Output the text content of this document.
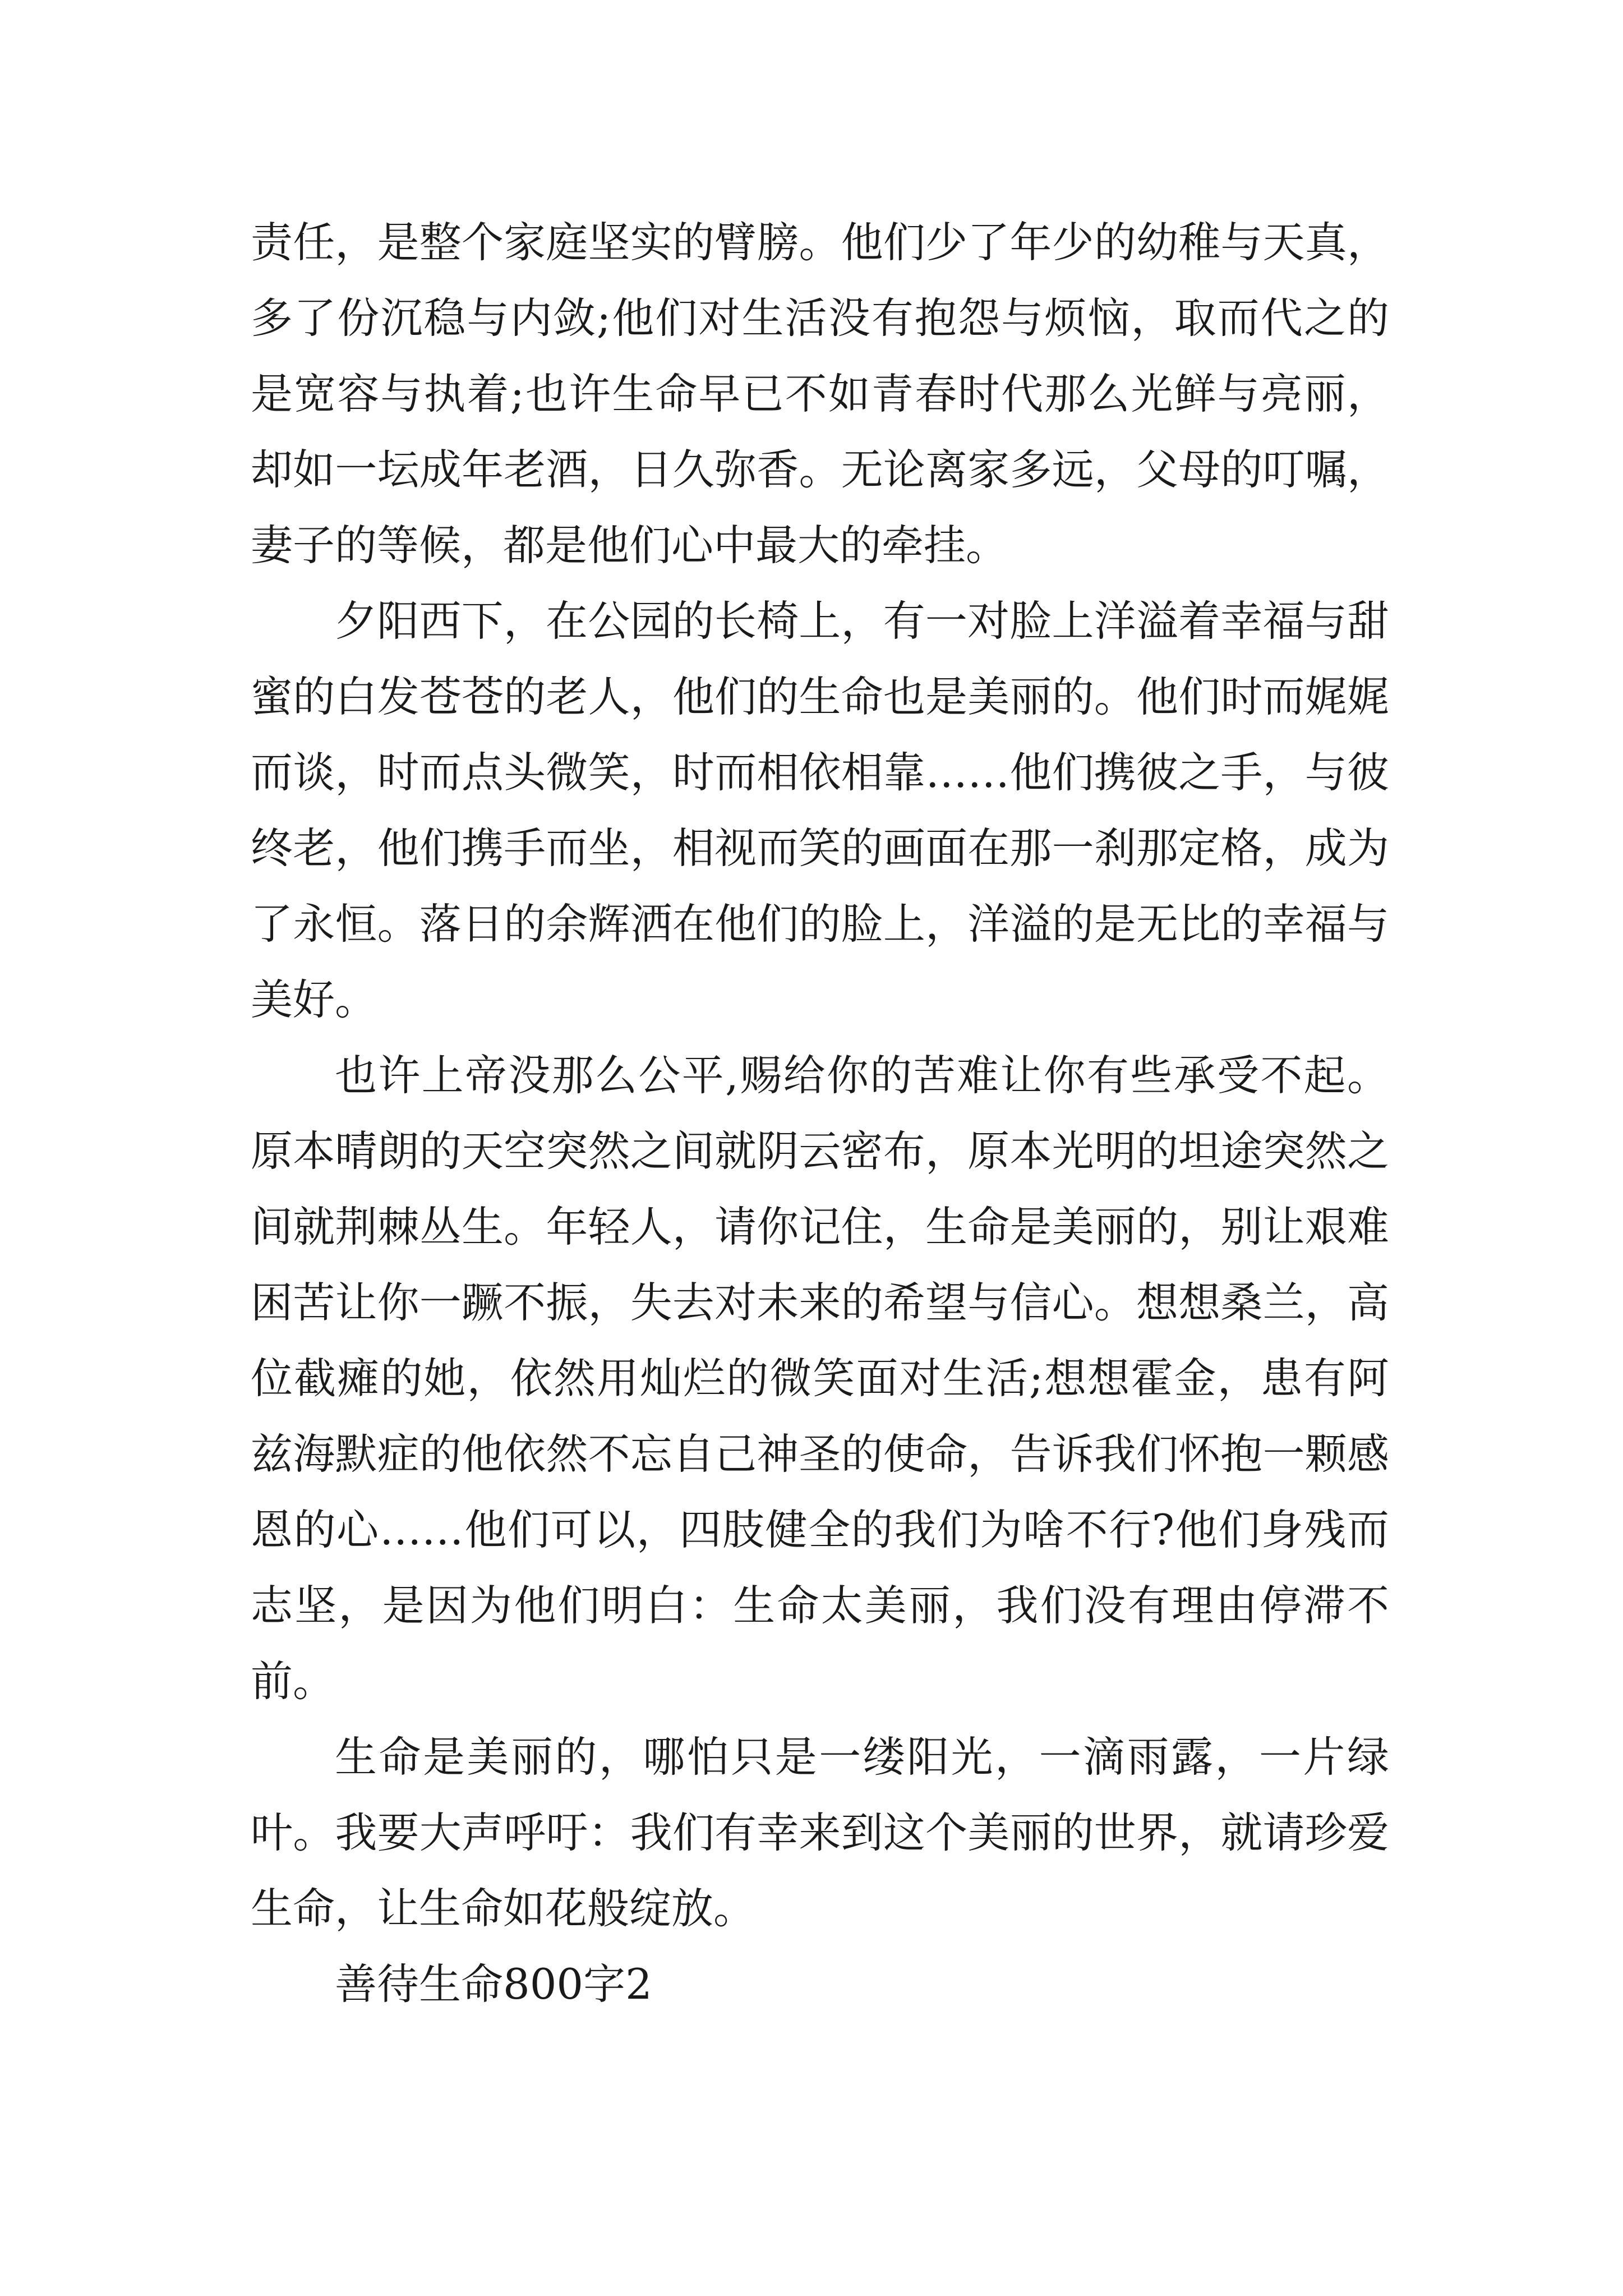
责任，是整个家庭坚实的臂膀。他们少了年少的幼稚与天真，多了份沉稳与内敛;他们对生活没有抱怨与烦恼，取而代之的是宽容与执着;也许生命早已不如青春时代那么光鲜与亮丽，却如一坛成年老酒，日久弥香。无论离家多远，父母的叮嘱，妻子的等候，都是他们心中最大的牵挂。

夕阳西下，在公园的长椅上，有一对脸上洋溢着幸福与甜蜜的白发苍苍的老人，他们的生命也是美丽的。他们时而娓娓而谈，时而点头微笑，时而相依相靠……他们携彼之手，与彼终老，他们携手而坐，相视而笑的画面在那一刹那定格，成为了永恒。落日的余辉洒在他们的脸上，洋溢的是无比的幸福与美好。

也许上帝没那么公平,赐给你的苦难让你有些承受不起。原本晴朗的天空突然之间就阴云密布，原本光明的坦途突然之间就荆棘丛生。年轻人，请你记住，生命是美丽的，别让艰难困苦让你一蹶不振，失去对未来的希望与信心。想想桑兰，高位截瘫的她，依然用灿烂的微笑面对生活;想想霍金，患有阿兹海默症的他依然不忘自己神圣的使命，告诉我们怀抱一颗感恩的心……他们可以，四肢健全的我们为啥不行?他们身残而志坚，是因为他们明白：生命太美丽，我们没有理由停滞不前。

生命是美丽的，哪怕只是一缕阳光，一滴雨露，一片绿叶。我要大声呼吁：我们有幸来到这个美丽的世界，就请珍爱生命，让生命如花般绽放。

善待生命800字2
